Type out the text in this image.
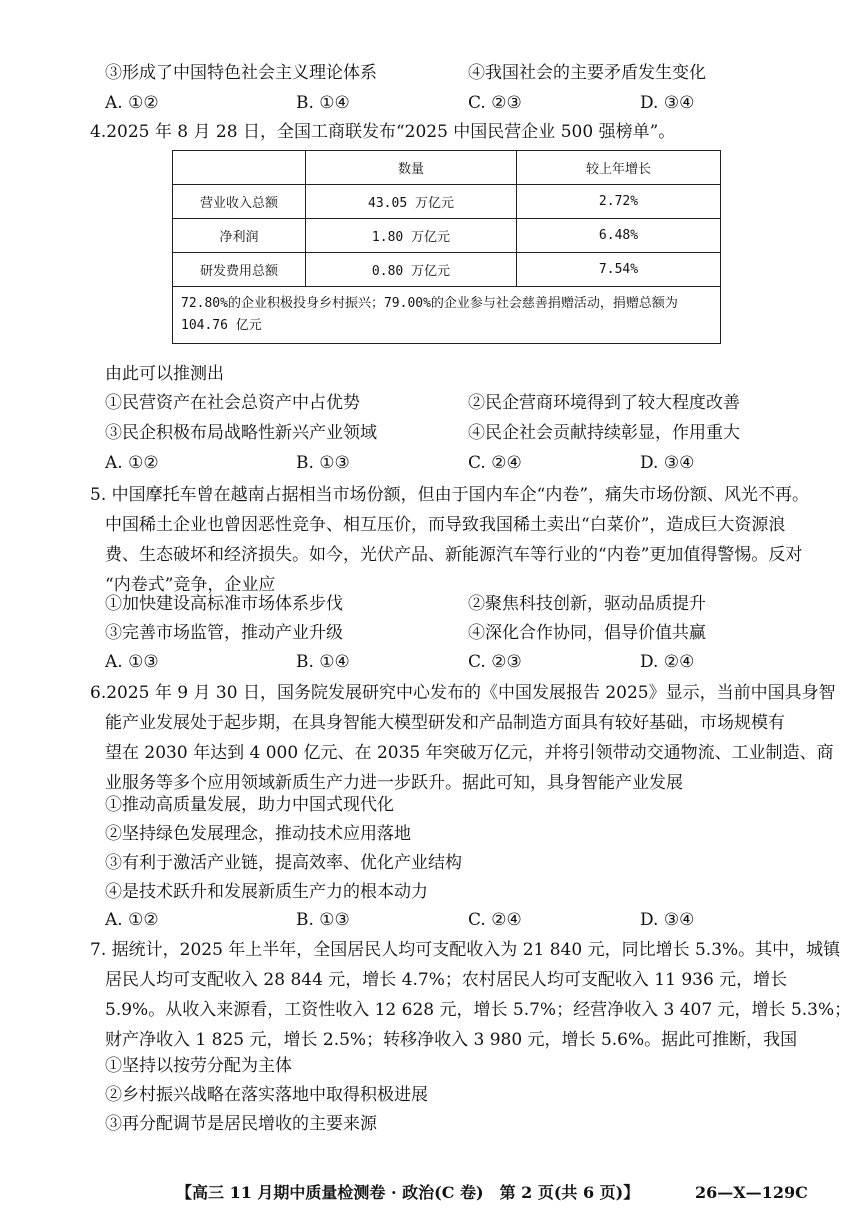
③形成了中国特色社会主义理论体系	④我国社会的主要矛盾发生变化
A. ①②	B. ①④	C. ②③	D. ③④
4.2025 年 8 月 28 日，全国工商联发布“2025 中国民营企业 500 强榜单”。
	数量	较上年增长
营业收入总额	43.05 万亿元	2.72%
净利润	1.80 万亿元	6.48%
研发费用总额	0.80 万亿元	7.54%
72.80%的企业积极投身乡村振兴；79.00%的企业参与社会慈善捐赠活动，捐赠总额为 104.76 亿元		
由此可以推测出
①民营资产在社会总资产中占优势	②民企营商环境得到了较大程度改善
③民企积极布局战略性新兴产业领域	④民企社会贡献持续彰显，作用重大
A. ①②	B. ①③	C. ②④	D. ③④
5. 中国摩托车曾在越南占据相当市场份额，但由于国内车企“内卷”，痛失市场份额、风光不再。
中国稀土企业也曾因恶性竞争、相互压价，而导致我国稀土卖出“白菜价”，造成巨大资源浪
费、生态破坏和经济损失。如今，光伏产品、新能源汽车等行业的“内卷”更加值得警惕。反对
“内卷式”竞争，企业应
①加快建设高标准市场体系步伐	②聚焦科技创新，驱动品质提升
③完善市场监管，推动产业升级	④深化合作协同，倡导价值共赢
A. ①③	B. ①④	C. ②③	D. ②④
6.2025 年 9 月 30 日，国务院发展研究中心发布的《中国发展报告 2025》显示，当前中国具身智
能产业发展处于起步期，在具身智能大模型研发和产品制造方面具有较好基础，市场规模有
望在 2030 年达到 4 000 亿元、在 2035 年突破万亿元，并将引领带动交通物流、工业制造、商
业服务等多个应用领域新质生产力进一步跃升。据此可知，具身智能产业发展
①推动高质量发展，助力中国式现代化
②坚持绿色发展理念，推动技术应用落地
③有利于激活产业链，提高效率、优化产业结构
④是技术跃升和发展新质生产力的根本动力
A. ①②	B. ①③	C. ②④	D. ③④
7. 据统计，2025 年上半年，全国居民人均可支配收入为 21 840 元，同比增长 5.3%。其中，城镇
居民人均可支配收入 28 844 元，增长 4.7%；农村居民人均可支配收入 11 936 元，增长
5.9%。从收入来源看，工资性收入 12 628 元，增长 5.7%；经营净收入 3 407 元，增长 5.3%；
财产净收入 1 825 元，增长 2.5%；转移净收入 3 980 元，增长 5.6%。据此可推断，我国
①坚持以按劳分配为主体
②乡村振兴战略在落实落地中取得积极进展
③再分配调节是居民增收的主要来源
【高三 11 月期中质量检测卷 · 政治(C 卷)　第 2 页(共 6 页)】	26—X—129C
